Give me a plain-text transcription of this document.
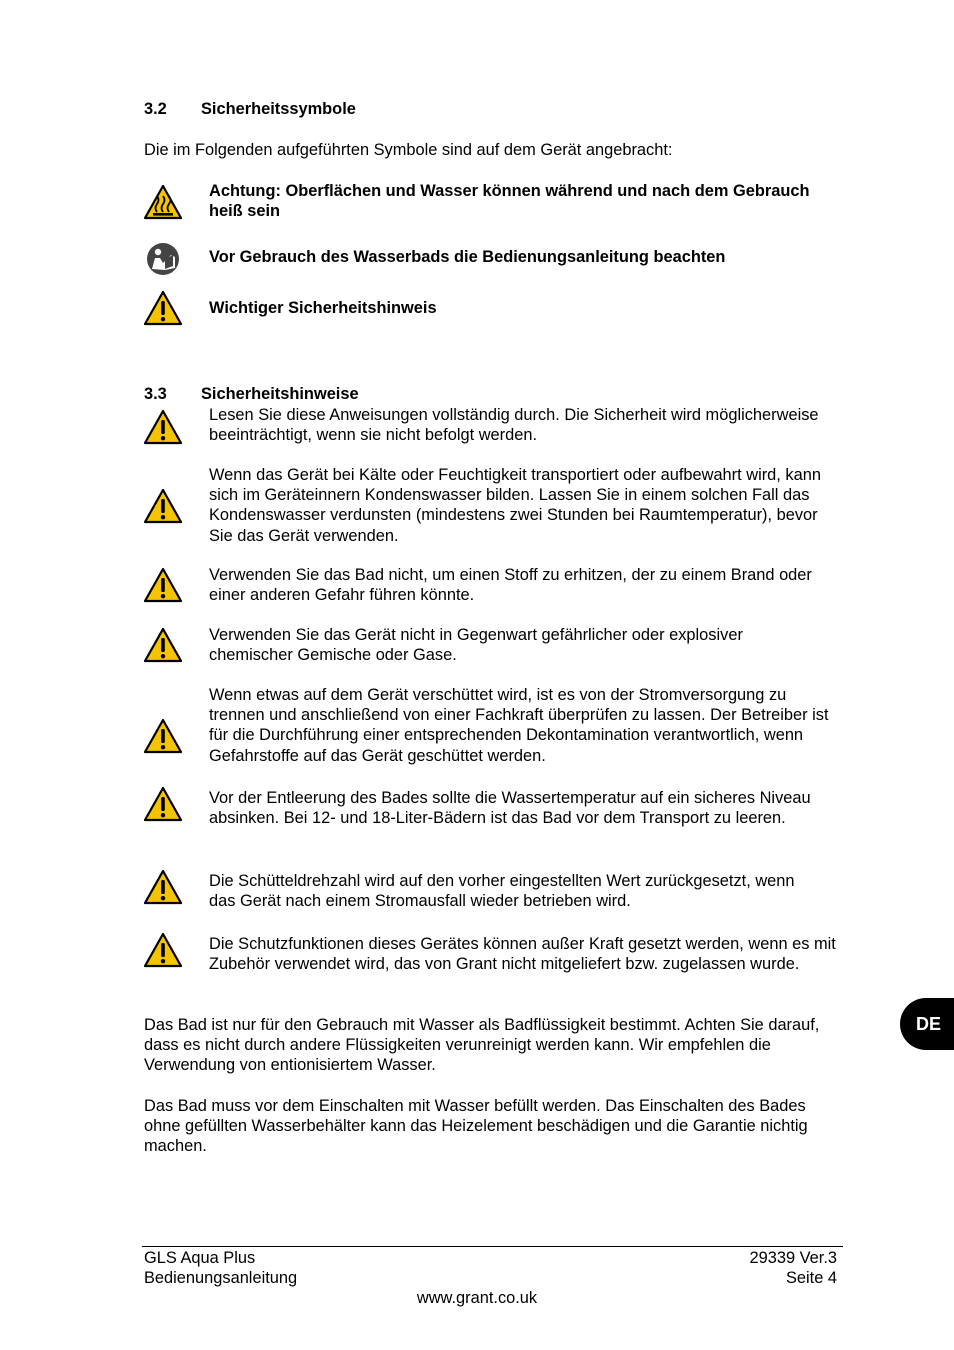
3.2 Sicherheitssymbole
Die im Folgenden aufgeführten Symbole sind auf dem Gerät angebracht:
Achtung: Oberflächen und Wasser können während und nach dem Gebrauch heiß sein
Vor Gebrauch des Wasserbads die Bedienungsanleitung beachten
Wichtiger Sicherheitshinweis
3.3 Sicherheitshinweise
Lesen Sie diese Anweisungen vollständig durch. Die Sicherheit wird möglicherweise beeinträchtigt, wenn sie nicht befolgt werden.
Wenn das Gerät bei Kälte oder Feuchtigkeit transportiert oder aufbewahrt wird, kann sich im Geräteinnern Kondenswasser bilden. Lassen Sie in einem solchen Fall das Kondenswasser verdunsten (mindestens zwei Stunden bei Raumtemperatur), bevor Sie das Gerät verwenden.
Verwenden Sie das Bad nicht, um einen Stoff zu erhitzen, der zu einem Brand oder einer anderen Gefahr führen könnte.
Verwenden Sie das Gerät nicht in Gegenwart gefährlicher oder explosiver chemischer Gemische oder Gase.
Wenn etwas auf dem Gerät verschüttet wird, ist es von der Stromversorgung zu trennen und anschließend von einer Fachkraft überprüfen zu lassen. Der Betreiber ist für die Durchführung einer entsprechenden Dekontamination verantwortlich, wenn Gefahrstoffe auf das Gerät geschüttet werden.
Vor der Entleerung des Bades sollte die Wassertemperatur auf ein sicheres Niveau absinken. Bei 12- und 18-Liter-Bädern ist das Bad vor dem Transport zu leeren.
Die Schütteldrehzahl wird auf den vorher eingestellten Wert zurückgesetzt, wenn das Gerät nach einem Stromausfall wieder betrieben wird.
Die Schutzfunktionen dieses Gerätes können außer Kraft gesetzt werden, wenn es mit Zubehör verwendet wird, das von Grant nicht mitgeliefert bzw. zugelassen wurde.
Das Bad ist nur für den Gebrauch mit Wasser als Badflüssigkeit bestimmt. Achten Sie darauf, dass es nicht durch andere Flüssigkeiten verunreinigt werden kann. Wir empfehlen die Verwendung von entionisiertem Wasser.
Das Bad muss vor dem Einschalten mit Wasser befüllt werden. Das Einschalten des Bades ohne gefüllten Wasserbehälter kann das Heizelement beschädigen und die Garantie nichtig machen.
DE
GLS Aqua Plus
Bedienungsanleitung
29339 Ver.3
Seite 4
www.grant.co.uk
